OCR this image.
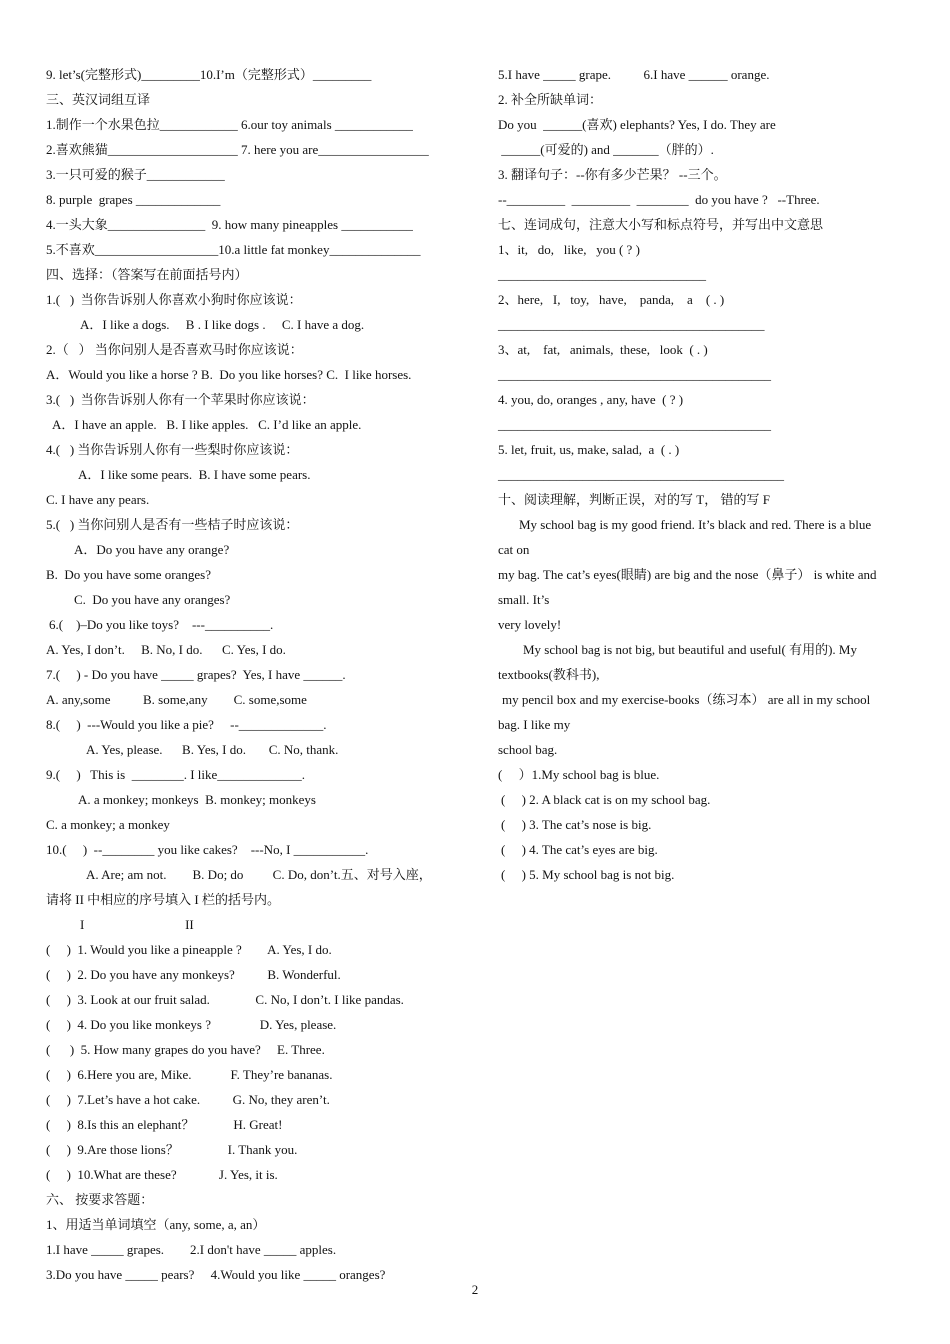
9. let’s(完整形式)_________10.I’m（完整形式）_________
三、英汉词组互译
1.制作一个水果色拉____________ 6.our toy animals ____________
2.喜欢熊猫____________________ 7. here you are_________________
3.一只可爱的猴子____________
8. purple  grapes _____________
4.一头大象_______________  9. how many pineapples ___________
5.不喜欢___________________10.a little fat monkey______________
四、选择：（答案写在前面括号内）
1.(   )  当你告诉别人你喜欢小狗时你应该说：
A．I like a dogs.     B . I like dogs .     C. I have a dog.
2.（   ） 当你问别人是否喜欢马时你应该说：
A．Would you like a horse ? B.  Do you like horses? C.  I like horses.
3.(   )  当你告诉别人你有一个苹果时你应该说：
A．I have an apple.   B. I like apples.   C. I’d like an apple.
4.(   ) 当你告诉别人你有一些梨时你应该说：
A．I like some pears.  B. I have some pears.
C. I have any pears.
5.(   ) 当你问别人是否有一些桔子时应该说：
A．Do you have any orange?
B.  Do you have some oranges?
C.  Do you have any oranges?
6.(    )–Do you like toys?    ---__________.
A. Yes, I don’t.     B. No, I do.      C. Yes, I do.
7.(     ) - Do you have _____ grapes?  Yes, I have ______.
A. any,some          B. some,any        C. some,some
8.(     )  ---Would you like a pie?     --_____________.
A. Yes, please.      B. Yes, I do.       C. No, thank.
9.(     )   This is  ________. I like_____________.
A. a monkey; monkeys  B. monkey; monkeys
C. a monkey; a monkey
10.(     )  --________ you like cakes?    ---No, I ___________.
A. Are; am not.        B. Do; do         C. Do, don’t.五、对号入座，
请将 II 中相应的序号填入 I 栏的括号内。
I                               II
(     )  1. Would you like a pineapple ?        A. Yes, I do.
(     )  2. Do you have any monkeys?          B. Wonderful.
(     )  3. Look at our fruit salad.              C. No, I don’t. I like pandas.
(     )  4. Do you like monkeys ?               D. Yes, please.
(      )  5. How many grapes do you have?     E. Three.
(     )  6.Here you are, Mike.            F. They’re bananas.
(     )  7.Let’s have a hot cake.          G. No, they aren’t.
(     )  8.Is this an elephant？            H. Great!
(     )  9.Are those lions？               I. Thank you.
(     )  10.What are these?             J. Yes, it is.
六、 按要求答题：
1、用适当单词填空（any, some, a, an）
1.I have _____ grapes.        2.I don't have _____ apples.
3.Do you have _____ pears?     4.Would you like _____ oranges?
5.I have _____ grape.          6.I have ______ orange.
2. 补全所缺单词：
Do you  ______(喜欢) elephants? Yes, I do. They are
______(可爱的) and _______（胖的）.
3. 翻译句子：--你有多少芒果？ --三个。
--_________  _________  ________  do you have ?   --Three.
七、连词成句，注意大小写和标点符号，并写出中文意思
1、it,   do,   like,   you ( ? )
________________________________
2、here,   I,   toy,   have,    panda,    a    ( . )
_________________________________________
3、at,    fat,   animals,  these,   look  ( . )
__________________________________________
4. you, do, oranges , any, have  ( ? )
__________________________________________
5. let, fruit, us, make, salad,  a  ( . )
____________________________________________
十、阅读理解，判断正误，对的写 T， 错的写 F
My school bag is my good friend. It’s black and red. There is a blue
cat on
my bag. The cat’s eyes(眼睛) are big and the nose（鼻子） is white and
small. It’s
very lovely!
My school bag is not big, but beautiful and useful( 有用的). My
textbooks(教科书),
my pencil box and my exercise-books（练习本） are all in my school
bag. I like my
school bag.
(     ）1.My school bag is blue.
(     ) 2. A black cat is on my school bag.
(     ) 3. The cat’s nose is big.
(     ) 4. The cat’s eyes are big.
(     ) 5. My school bag is not big.
2
